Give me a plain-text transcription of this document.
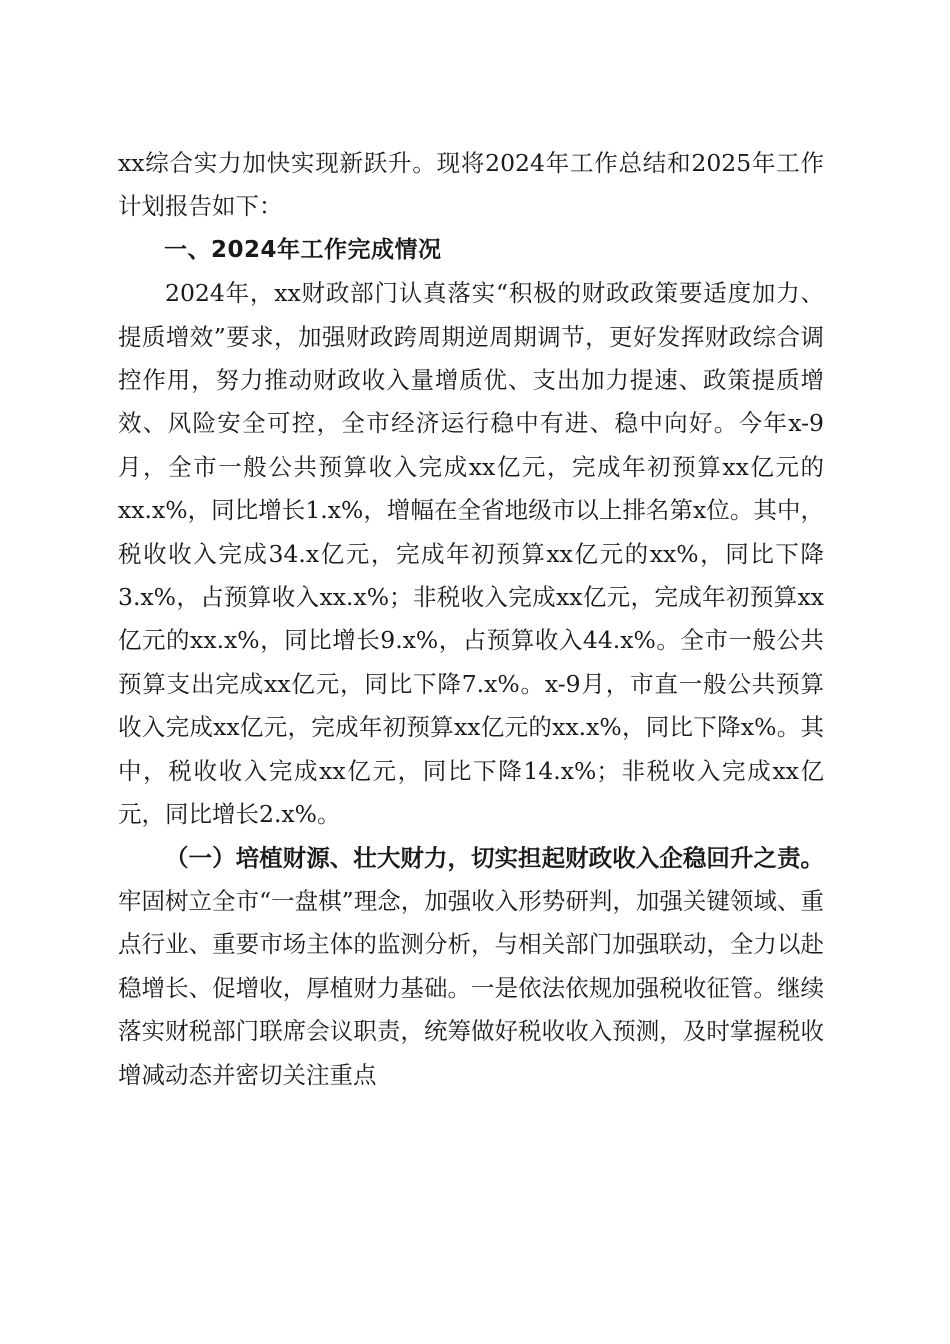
xx综合实力加快实现新跃升。现将2024年工作总结和2025年工作计划报告如下：

一、2024年工作完成情况

2024年，xx财政部门认真落实“积极的财政政策要适度加力、提质增效”要求，加强财政跨周期逆周期调节，更好发挥财政综合调控作用，努力推动财政收入量增质优、支出加力提速、政策提质增效、风险安全可控，全市经济运行稳中有进、稳中向好。今年x-9月，全市一般公共预算收入完成xx亿元，完成年初预算xx亿元的xx.x%，同比增长1.x%，增幅在全省地级市以上排名第x位。其中，税收收入完成34.x亿元，完成年初预算xx亿元的xx%，同比下降3.x%，占预算收入xx.x%；非税收入完成xx亿元，完成年初预算xx亿元的xx.x%，同比增长9.x%，占预算收入44.x%。全市一般公共预算支出完成xx亿元，同比下降7.x%。x-9月，市直一般公共预算收入完成xx亿元，完成年初预算xx亿元的xx.x%，同比下降x%。其中，税收收入完成xx亿元，同比下降14.x%；非税收入完成xx亿元，同比增长2.x%。

（一）培植财源、壮大财力，切实担起财政收入企稳回升之责。牢固树立全市“一盘棋”理念，加强收入形势研判，加强关键领域、重点行业、重要市场主体的监测分析，与相关部门加强联动，全力以赴稳增长、促增收，厚植财力基础。一是依法依规加强税收征管。继续落实财税部门联席会议职责，统筹做好税收收入预测，及时掌握税收增减动态并密切关注重点
